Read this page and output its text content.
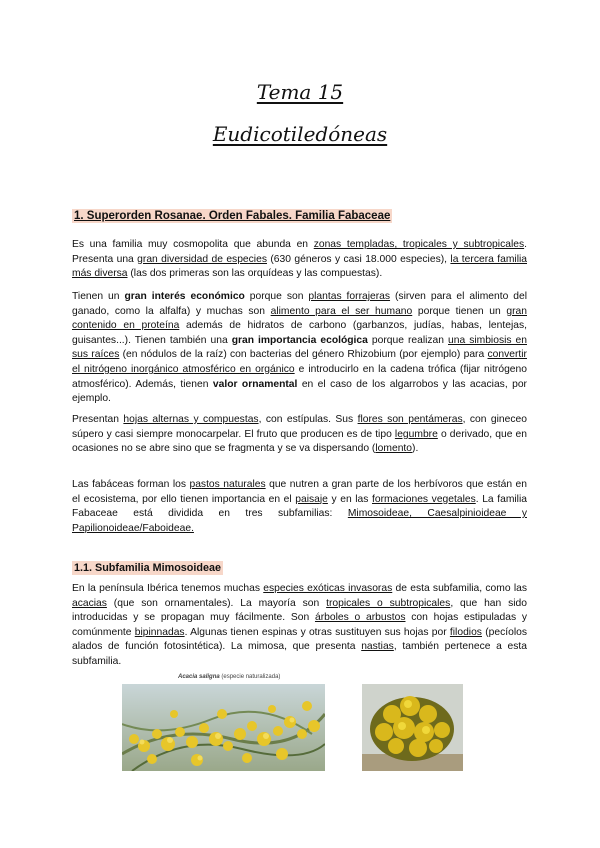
Tema 15
Eudicotiledóneas
1. Superorden Rosanae. Orden Fabales. Familia Fabaceae

Es una familia muy cosmopolita que abunda en zonas templadas, tropicales y subtropicales. Presenta una gran diversidad de especies (630 géneros y casi 18.000 especies), la tercera familia más diversa (las dos primeras son las orquídeas y las compuestas).

Tienen un gran interés económico porque son plantas forrajeras (sirven para el alimento del ganado, como la alfalfa) y muchas son alimento para el ser humano porque tienen un gran contenido en proteína además de hidratos de carbono (garbanzos, judías, habas, lentejas, guisantes...). Tienen también una gran importancia ecológica porque realizan una simbiosis en sus raíces (en nódulos de la raíz) con bacterias del género Rhizobium (por ejemplo) para convertir el nitrógeno inorgánico atmosférico en orgánico e introducirlo en la cadena trófica (fijar nitrógeno atmosférico). Además, tienen valor ornamental en el caso de los algarrobos y las acacias, por ejemplo.

Presentan hojas alternas y compuestas, con estípulas. Sus flores son pentámeras, con gineceo súpero y casi siempre monocarpelar. El fruto que producen es de tipo legumbre o derivado, que en ocasiones no se abre sino que se fragmenta y se va dispersando (lomento).

Las fabáceas forman los pastos naturales que nutren a gran parte de los herbívoros que están en el ecosistema, por ello tienen importancia en el paisaje y en las formaciones vegetales. La familia Fabaceae está dividida en tres subfamilias: Mimosoideae, Caesalpinioideae y Papilionoideae/Faboideae.

1.1. Subfamilia Mimosoideae

En la península Ibérica tenemos muchas especies exóticas invasoras de esta subfamilia, como las acacias (que son ornamentales). La mayoría son tropicales o subtropicales, que han sido introducidas y se propagan muy fácilmente. Son árboles o arbustos con hojas estipuladas y comúnmente bipinnadas. Algunas tienen espinas y otras sustituyen sus hojas por filodios (pecíolos alados de función fotosintética). La mimosa, que presenta nastias, también pertenece a esta subfamilia.

Acacia saligna (especie naturalizada)
